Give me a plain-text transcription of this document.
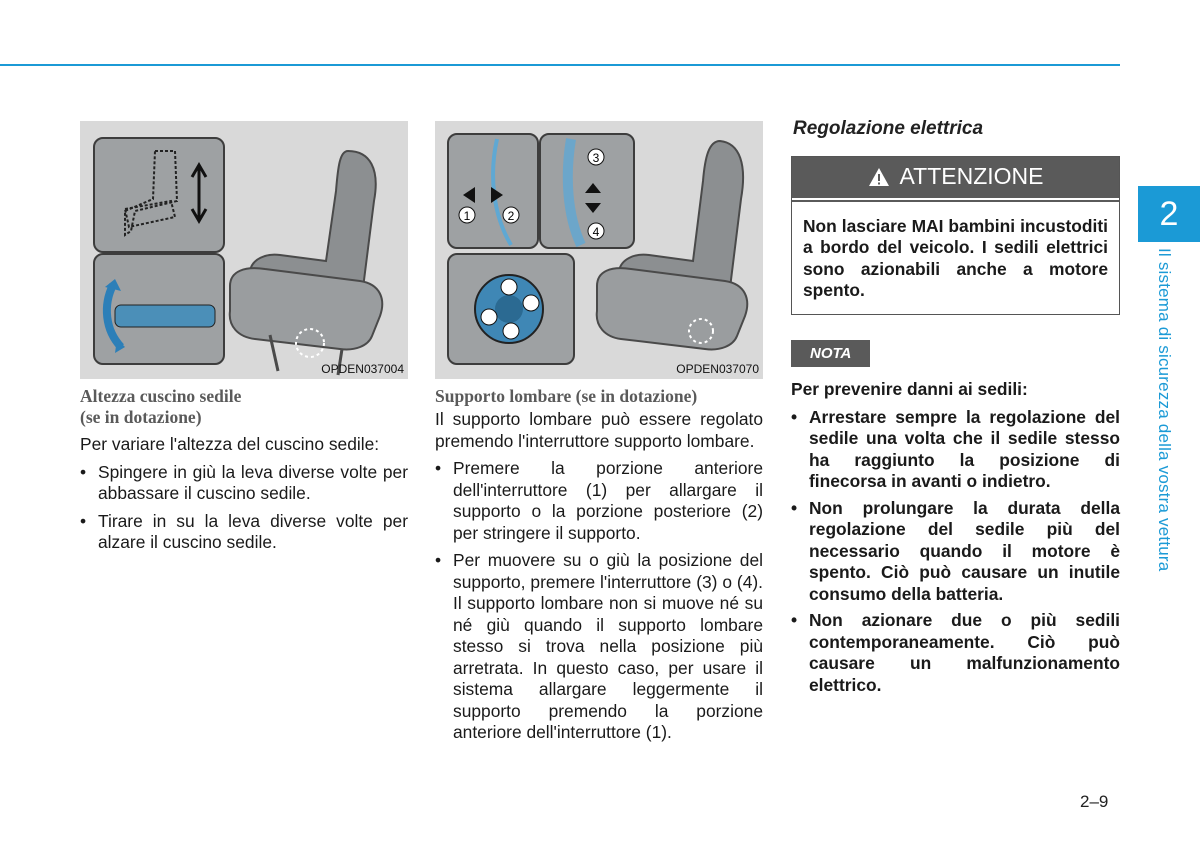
2
Il sistema di sicurezza della vostra vettura
OPDEN037004
1	2
3
4
OPDEN037070
Altezza cuscino sedile
(se in dotazione)
Per variare l'altezza del cuscino sedile:
• Spingere in giù la leva diverse volte per abbassare il cuscino sedile.
• Tirare in su la leva diverse volte per alzare il cuscino sedile.
Supporto lombare (se in dotazione)
Il supporto lombare può essere regolato premendo l'interruttore supporto lombare.
• Premere la porzione anteriore dell'interruttore (1) per allargare il supporto o la porzione posteriore (2) per stringere il supporto.
• Per muovere su o giù la posizione del supporto, premere l'interruttore (3) o (4). Il supporto lombare non si muove né su né giù quando il supporto lombare stesso si trova nella posizione più arretrata. In questo caso, per usare il sistema allargare leggermente il supporto premendo la porzione anteriore dell'interruttore (1).
Regolazione elettrica
ATTENZIONE
Non lasciare MAI bambini incustoditi a bordo del veicolo. I sedili elettrici sono azionabili anche a motore spento.
NOTA
Per prevenire danni ai sedili:
• Arrestare sempre la regolazione del sedile una volta che il sedile stesso ha raggiunto la posizione di finecorsa in avanti o indietro.
• Non prolungare la durata della regolazione del sedile più del necessario quando il motore è spento. Ciò può causare un inutile consumo della batteria.
• Non azionare due o più sedili contemporaneamente. Ciò può causare un malfunzionamento elettrico.
2–9
